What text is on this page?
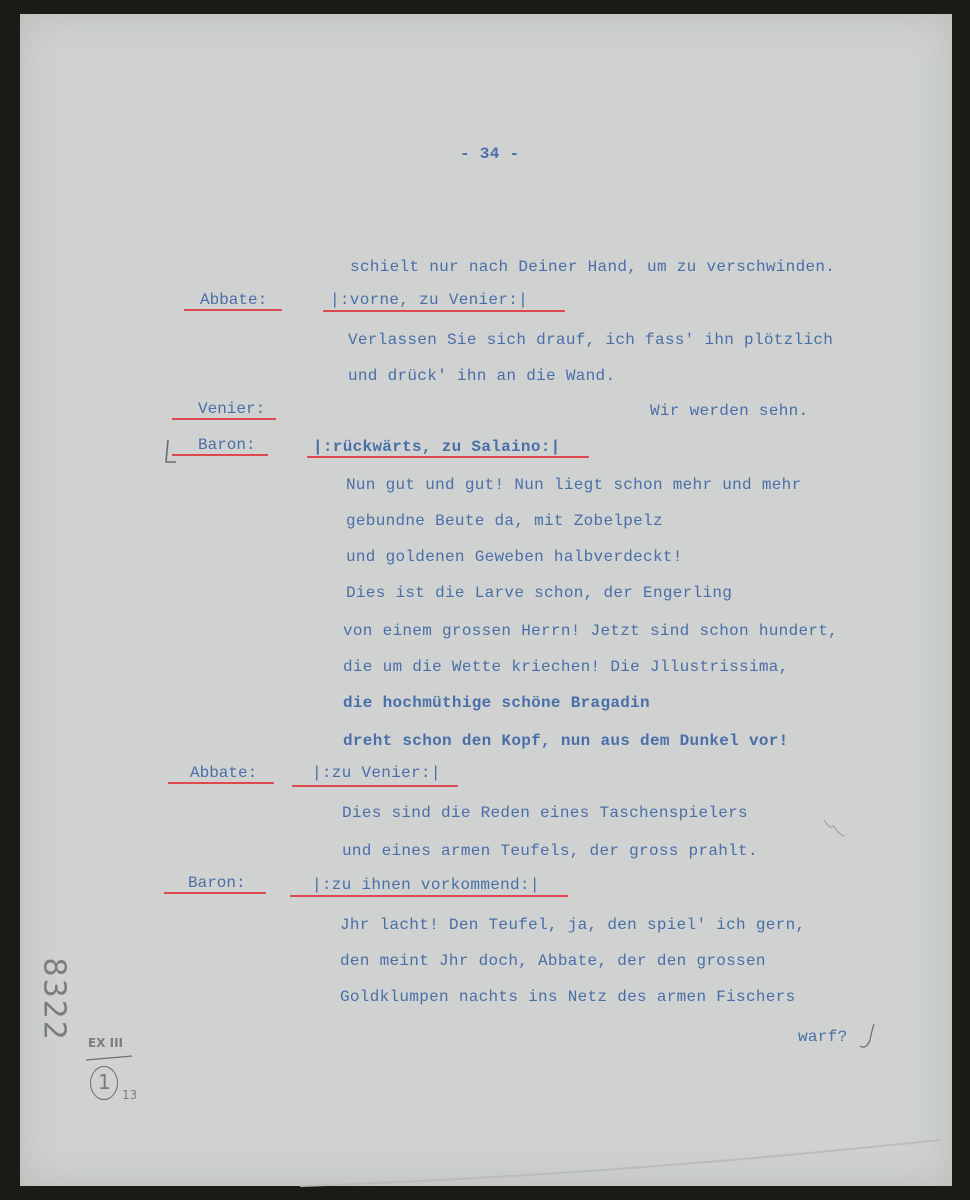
- 34 -
schielt nur nach Deiner Hand, um zu verschwinden.
Abbate:	|:vorne, zu Venier:|
Verlassen Sie sich drauf, ich fass' ihn plötzlich
und drück' ihn an die Wand.
Venier:	Wir werden sehn.
Baron:	|:rückwärts, zu Salaino:|
Nun gut und gut! Nun liegt schon mehr und mehr
gebundne Beute da, mit Zobelpelz
und goldenen Geweben halbverdeckt!
Dies ist die Larve schon, der Engerling
von einem grossen Herrn! Jetzt sind schon hundert,
die um die Wette kriechen! Die Jllustrissima,
die hochmüthige schöne Bragadin
dreht schon den Kopf, nun aus dem Dunkel vor!
Abbate:	|:zu Venier:|
Dies sind die Reden eines Taschenspielers
und eines armen Teufels, der gross prahlt.
Baron:	|:zu ihnen vorkommend:|
Jhr lacht! Den Teufel, ja, den spiel' ich gern,
den meint Jhr doch, Abbate, der den grossen
Goldklumpen nachts ins Netz des armen Fischers
warf?
8322
EX III
1
13
